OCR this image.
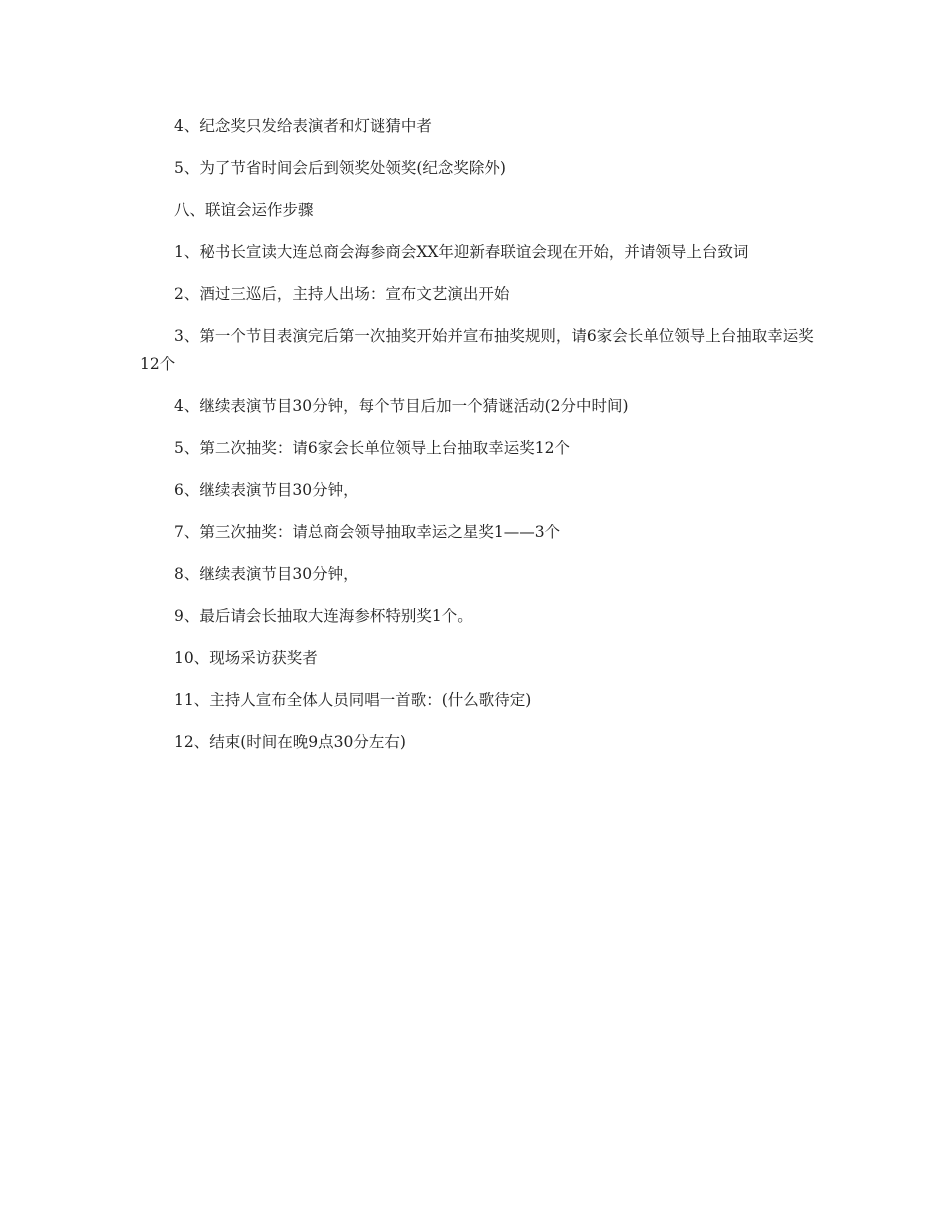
4、纪念奖只发给表演者和灯谜猜中者

5、为了节省时间会后到领奖处领奖(纪念奖除外)

八、联谊会运作步骤

1、秘书长宣读大连总商会海参商会XX年迎新春联谊会现在开始，并请领导上台致词

2、酒过三巡后，主持人出场：宣布文艺演出开始

3、第一个节目表演完后第一次抽奖开始并宣布抽奖规则，请6家会长单位领导上台抽取幸运奖12个

4、继续表演节目30分钟，每个节目后加一个猜谜活动(2分中时间)

5、第二次抽奖：请6家会长单位领导上台抽取幸运奖12个

6、继续表演节目30分钟，

7、第三次抽奖：请总商会领导抽取幸运之星奖1——3个

8、继续表演节目30分钟，

9、最后请会长抽取大连海参杯特别奖1个。

10、现场采访获奖者

11、主持人宣布全体人员同唱一首歌：(什么歌待定)

12、结束(时间在晚9点30分左右)
